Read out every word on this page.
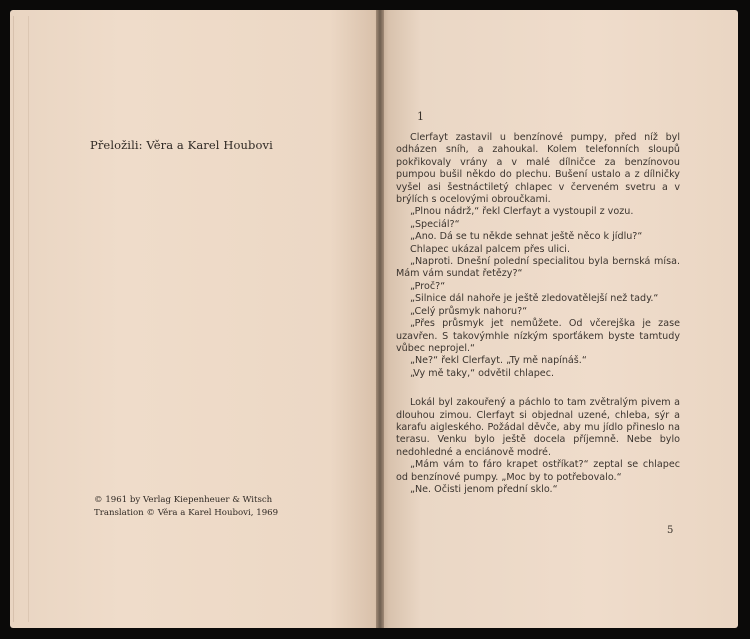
Přeložili: Věra a Karel Houbovi
© 1961 by Verlag Kiepenheuer & Witsch
Translation © Věra a Karel Houbovi, 1969
1

Clerfayt zastavil u benzínové pumpy, před níž byl odházen sníh, a zahoukal. Kolem telefonních sloupů pokřikovaly vrány a v malé dílničce za benzínovou pumpou bušil někdo do plechu. Bušení ustalo a z dílničky vyšel asi šestnáctiletý chlapec v červeném svetru a v brýlích s ocelovými obroučkami.

„Plnou nádrž,“ řekl Clerfayt a vystoupil z vozu.

„Speciál?“

„Ano. Dá se tu někde sehnat ještě něco k jídlu?“

Chlapec ukázal palcem přes ulici.

„Naproti. Dnešní polední specialitou byla bernská mísa. Mám vám sundat řetězy?“

„Proč?“

„Silnice dál nahoře je ještě zledovatělejší než tady.“

„Celý průsmyk nahoru?“

„Přes průsmyk jet nemůžete. Od včerejška je zase uzavřen. S takovýmhle nízkým sporťákem byste tamtudy vůbec neprojel.“

„Ne?“ řekl Clerfayt. „Ty mě napínáš.“

„Vy mě taky,“ odvětil chlapec.

Lokál byl zakouřený a páchlo to tam zvětralým pivem a dlouhou zimou. Clerfayt si objednal uzené, chleba, sýr a karafu aigleského. Požádal děvče, aby mu jídlo přineslo na terasu. Venku bylo ještě docela příjemně. Nebe bylo nedohledné a enciánově modré.

„Mám vám to fáro krapet ostříkat?“ zeptal se chlapec od benzínové pumpy. „Moc by to potřebovalo.“

„Ne. Očisti jenom přední sklo.“

5
